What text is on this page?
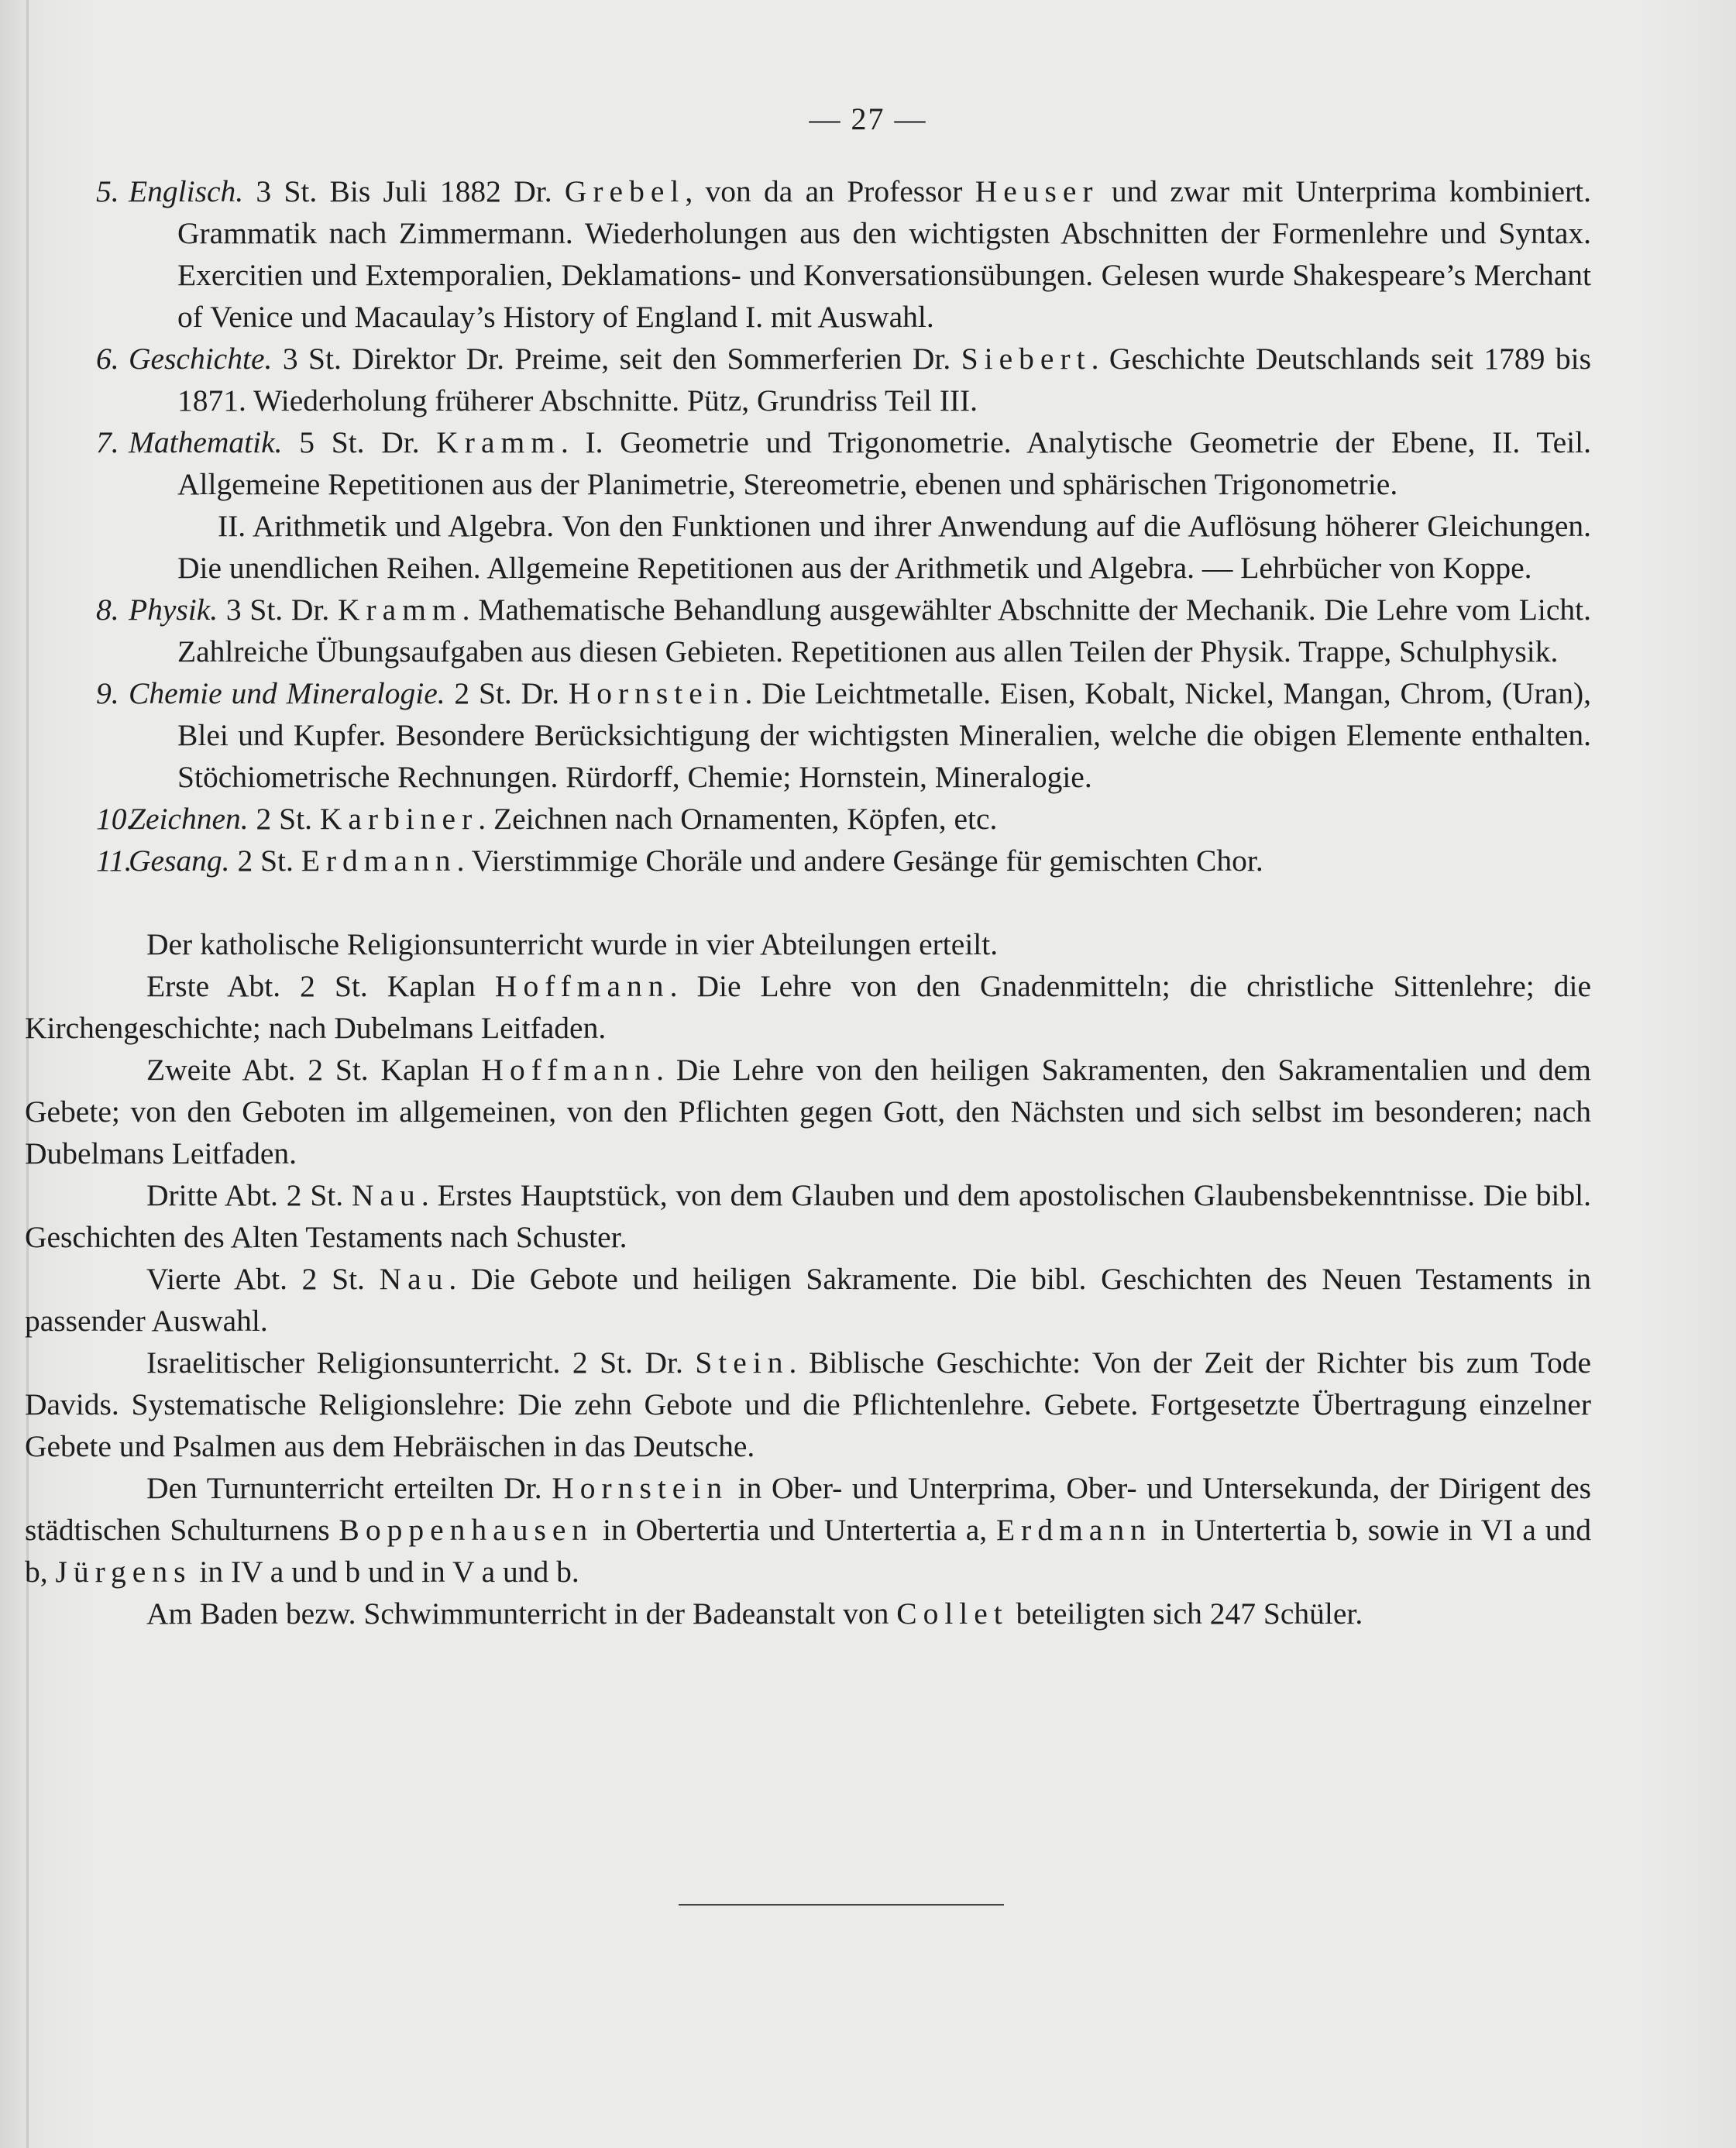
— 27 —

5. Englisch. 3 St. Bis Juli 1882 Dr. Grebel, von da an Professor Heuser und zwar mit Unterprima kombiniert. Grammatik nach Zimmermann. Wiederholungen aus den wichtigsten Abschnitten der Formenlehre und Syntax. Exercitien und Extemporalien, Deklamations- und Konversationsübungen. Gelesen wurde Shakespeare’s Merchant of Venice und Macaulay’s History of England I. mit Auswahl.

6. Geschichte. 3 St. Direktor Dr. Preime, seit den Sommerferien Dr. Siebert. Geschichte Deutschlands seit 1789 bis 1871. Wiederholung früherer Abschnitte. Pütz, Grundriss Teil III.

7. Mathematik. 5 St. Dr. Kramm. I. Geometrie und Trigonometrie. Analytische Geometrie der Ebene, II. Teil. Allgemeine Repetitionen aus der Planimetrie, Stereometrie, ebenen und sphärischen Trigonometrie.

II. Arithmetik und Algebra. Von den Funktionen und ihrer Anwendung auf die Auflösung höherer Gleichungen. Die unendlichen Reihen. Allgemeine Repetitionen aus der Arithmetik und Algebra. — Lehrbücher von Koppe.

8. Physik. 3 St. Dr. Kramm. Mathematische Behandlung ausgewählter Abschnitte der Mechanik. Die Lehre vom Licht. Zahlreiche Übungsaufgaben aus diesen Gebieten. Repetitionen aus allen Teilen der Physik. Trappe, Schulphysik.

9. Chemie und Mineralogie. 2 St. Dr. Hornstein. Die Leichtmetalle. Eisen, Kobalt, Nickel, Mangan, Chrom, (Uran), Blei und Kupfer. Besondere Berücksichtigung der wichtigsten Mineralien, welche die obigen Elemente enthalten. Stöchiometrische Rechnungen. Rürdorff, Chemie; Hornstein, Mineralogie.

10.Zeichnen. 2 St. Karbiner. Zeichnen nach Ornamenten, Köpfen, etc.

11.Gesang. 2 St. Erdmann. Vierstimmige Choräle und andere Gesänge für gemischten Chor.

Der katholische Religionsunterricht wurde in vier Abteilungen erteilt.

Erste Abt. 2 St. Kaplan Hoffmann. Die Lehre von den Gnadenmitteln; die christliche Sittenlehre; die Kirchengeschichte; nach Dubelmans Leitfaden.

Zweite Abt. 2 St. Kaplan Hoffmann. Die Lehre von den heiligen Sakramenten, den Sakramentalien und dem Gebete; von den Geboten im allgemeinen, von den Pflichten gegen Gott, den Nächsten und sich selbst im besonderen; nach Dubelmans Leitfaden.

Dritte Abt. 2 St. Nau. Erstes Hauptstück, von dem Glauben und dem apostolischen Glaubensbekenntnisse. Die bibl. Geschichten des Alten Testaments nach Schuster.

Vierte Abt. 2 St. Nau. Die Gebote und heiligen Sakramente. Die bibl. Geschichten des Neuen Testaments in passender Auswahl.

Israelitischer Religionsunterricht. 2 St. Dr. Stein. Biblische Geschichte: Von der Zeit der Richter bis zum Tode Davids. Systematische Religionslehre: Die zehn Gebote und die Pflichtenlehre. Gebete. Fortgesetzte Übertragung einzelner Gebete und Psalmen aus dem Hebräischen in das Deutsche.

Den Turnunterricht erteilten Dr. Hornstein in Ober- und Unterprima, Ober- und Untersekunda, der Dirigent des städtischen Schulturnens Boppenhausen in Obertertia und Untertertia a, Erdmann in Untertertia b, sowie in VI a und b, Jürgens in IV a und b und in V a und b.

Am Baden bezw. Schwimmunterricht in der Badeanstalt von Collet beteiligten sich 247 Schüler.
